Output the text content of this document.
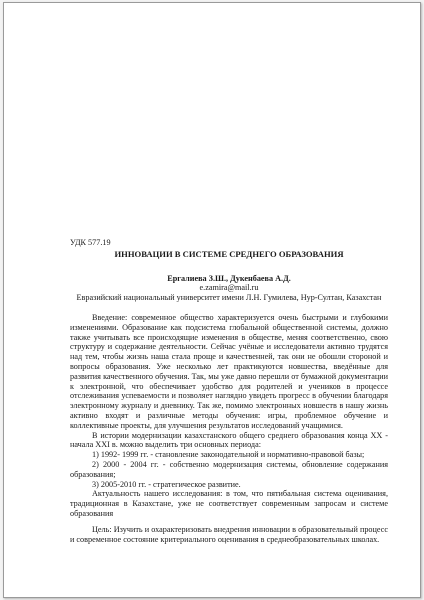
УДК 577.19

ИННОВАЦИИ В СИСТЕМЕ СРЕДНЕГО ОБРАЗОВАНИЯ

Ергалиева З.Ш., Дукенбаева А.Д.
e.zamira@mail.ru
Евразийский национальный университет имени Л.Н. Гумилева, Нур-Султан, Казахстан

Введение: современное общество характеризуется очень быстрыми и глубокими изменениями. Образование как подсистема глобальной общественной системы, должно также учитывать все происходящие изменения в обществе, меняя соответственно, свою структуру и содержание деятельности. Сейчас учёные и исследователи активно трудятся над тем, чтобы жизнь наша стала проще и качественней, так они не обошли стороной и вопросы образования. Уже несколько лет практикуются новшества, введённые для развития качественного обучения. Так, мы уже давно перешли от бумажной документации к электронной, что обеспечивает удобство для родителей и учеников в процессе отслеживания успеваемости и позволяет наглядно увидеть прогресс в обучении благодаря электронному журналу и дневнику. Так же, помимо электронных новшеств в нашу жизнь активно входят и различные методы обучения: игры, проблемное обучение и коллективные проекты, для улучшения результатов исследований учащимися.

В истории модернизации казахстанского общего среднего образования конца XX - начала XXI в. можно выделить три основных периода:

1) 1992- 1999 гг. - становление законодательной и нормативно-правовой базы;

2) 2000 - 2004 гг. - собственно модернизация системы, обновление содержания образования;

3) 2005-2010 гг. - стратегическое развитие.

Актуальность нашего исследования: в том, что пятибальная система оценивания, традиционная в Казахстане, уже не соответствует современным запросам и системе образования

Цель: Изучить и охарактеризовать внедрения инновации в образовательный процесс и современное состояние критериального оценивания в среднеобразовательных школах.
